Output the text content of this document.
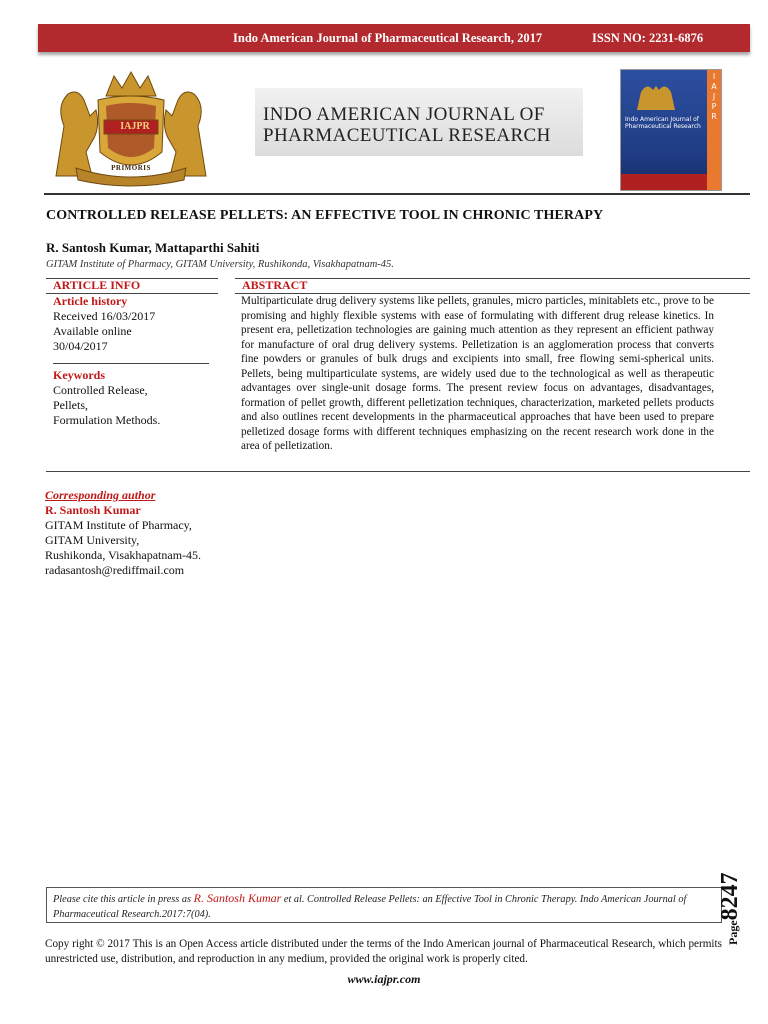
Indo American Journal of Pharmaceutical Research, 2017	ISSN NO: 2231-6876
IAJPR
PRIMORIS
INDO AMERICAN JOURNAL OF
PHARMACEUTICAL RESEARCH
I
A
J
P
R
Indo American Journal of Pharmaceutical Research
CONTROLLED RELEASE PELLETS: AN EFFECTIVE TOOL IN CHRONIC THERAPY
R. Santosh Kumar, Mattaparthi Sahiti
GITAM Institute of Pharmacy, GITAM University, Rushikonda, Visakhapatnam-45.
ARTICLE INFO	ABSTRACT
Article history
Received 16/03/2017
Available online
30/04/2017
Keywords
Controlled Release,
Pellets,
Formulation Methods.
Multiparticulate drug delivery systems like pellets, granules, micro particles, minitablets etc., prove to be promising and highly flexible systems with ease of formulating with different drug release kinetics. In present era, pelletization technologies are gaining much attention as they represent an efficient pathway for manufacture of oral drug delivery systems. Pelletization is an agglomeration process that converts fine powders or granules of bulk drugs and excipients into small, free flowing semi-spherical units. Pellets, being multiparticulate systems, are widely used due to the technological as well as therapeutic advantages over single-unit dosage forms. The present review focus on advantages, disadvantages, formation of pellet growth, different pelletization techniques, characterization, marketed pellets products and also outlines recent developments in the pharmaceutical approaches that have been used to prepare pelletized dosage forms with different techniques emphasizing on the recent research work done in the area of pelletization.
Corresponding author
R. Santosh Kumar
GITAM Institute of Pharmacy,
GITAM University,
Rushikonda, Visakhapatnam-45.
radasantosh@rediffmail.com
Please cite this article in press as R. Santosh Kumar et al. Controlled Release Pellets: an Effective Tool in Chronic Therapy. Indo American Journal of Pharmaceutical Research.2017:7(04).
Copy right © 2017 This is an Open Access article distributed under the terms of the Indo American journal of Pharmaceutical Research, which permits unrestricted use, distribution, and reproduction in any medium, provided the original work is properly cited.
www.iajpr.com
Page8247
